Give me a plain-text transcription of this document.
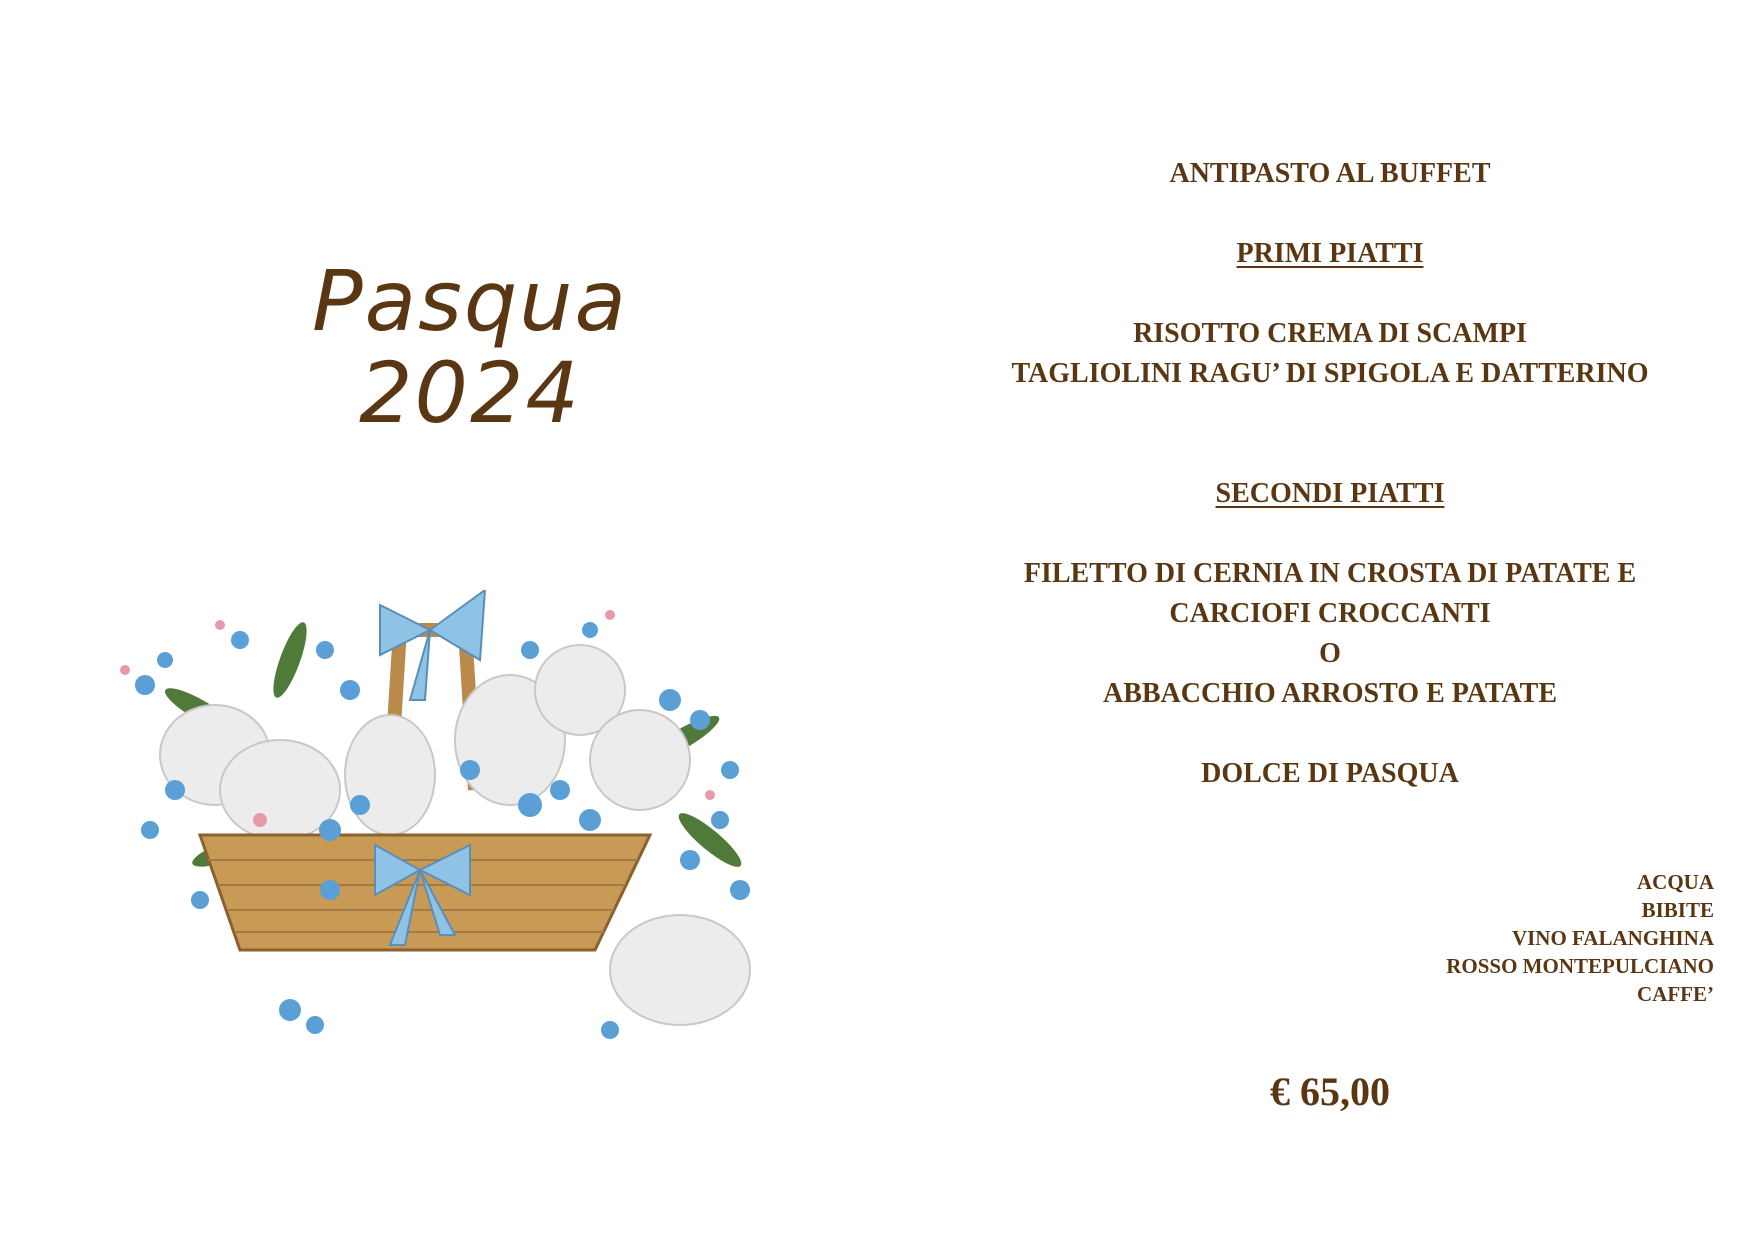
Pasqua
2024
ANTIPASTO AL BUFFET
PRIMI PIATTI
RISOTTO CREMA DI SCAMPI
TAGLIOLINI RAGU’ DI SPIGOLA E DATTERINO
SECONDI PIATTI
FILETTO DI CERNIA IN CROSTA DI PATATE E
CARCIOFI CROCCANTI
O
ABBACCHIO ARROSTO E PATATE
DOLCE DI PASQUA
ACQUA
BIBITE
VINO FALANGHINA
ROSSO MONTEPULCIANO
CAFFE’
€ 65,00
